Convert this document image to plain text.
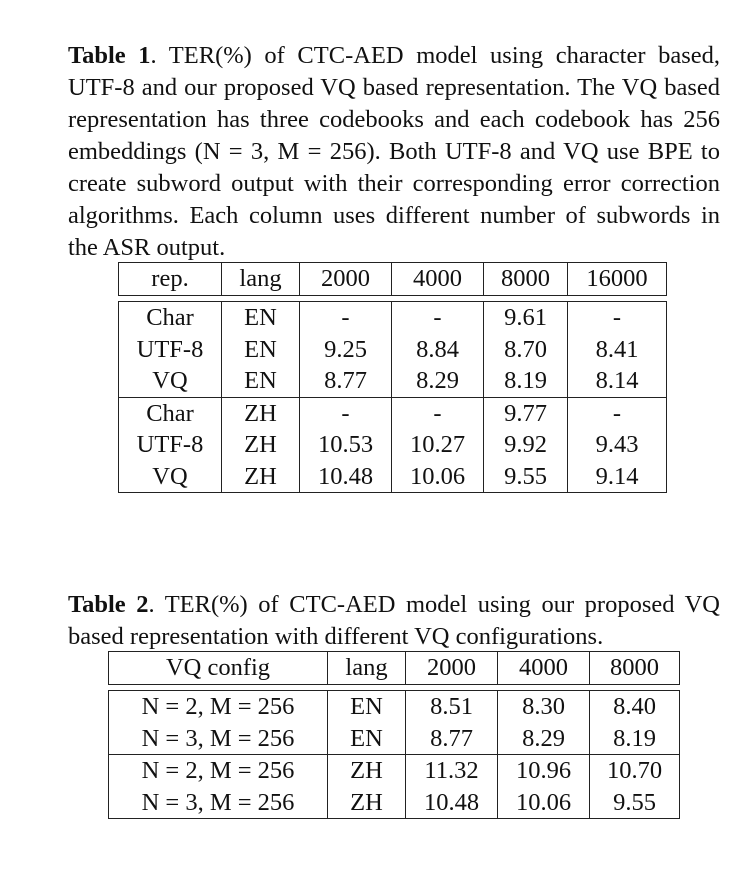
Table 1. TER(%) of CTC-AED model using character based, UTF-8 and our proposed VQ based representation. The VQ based representation has three codebooks and each codebook has 256 embeddings (N = 3, M = 256). Both UTF-8 and VQ use BPE to create subword output with their corresponding error correction algorithms. Each column uses different number of subwords in the ASR output.
rep.	lang	2000	4000	8000	16000

Char	EN	-	-	9.61	-
UTF-8	EN	9.25	8.84	8.70	8.41
VQ	EN	8.77	8.29	8.19	8.14
Char	ZH	-	-	9.77	-
UTF-8	ZH	10.53	10.27	9.92	9.43
VQ	ZH	10.48	10.06	9.55	9.14
Table 2. TER(%) of CTC-AED model using our proposed VQ based representation with different VQ configurations.
VQ config	lang	2000	4000	8000

N = 2, M = 256	EN	8.51	8.30	8.40
N = 3, M = 256	EN	8.77	8.29	8.19
N = 2, M = 256	ZH	11.32	10.96	10.70
N = 3, M = 256	ZH	10.48	10.06	9.55
